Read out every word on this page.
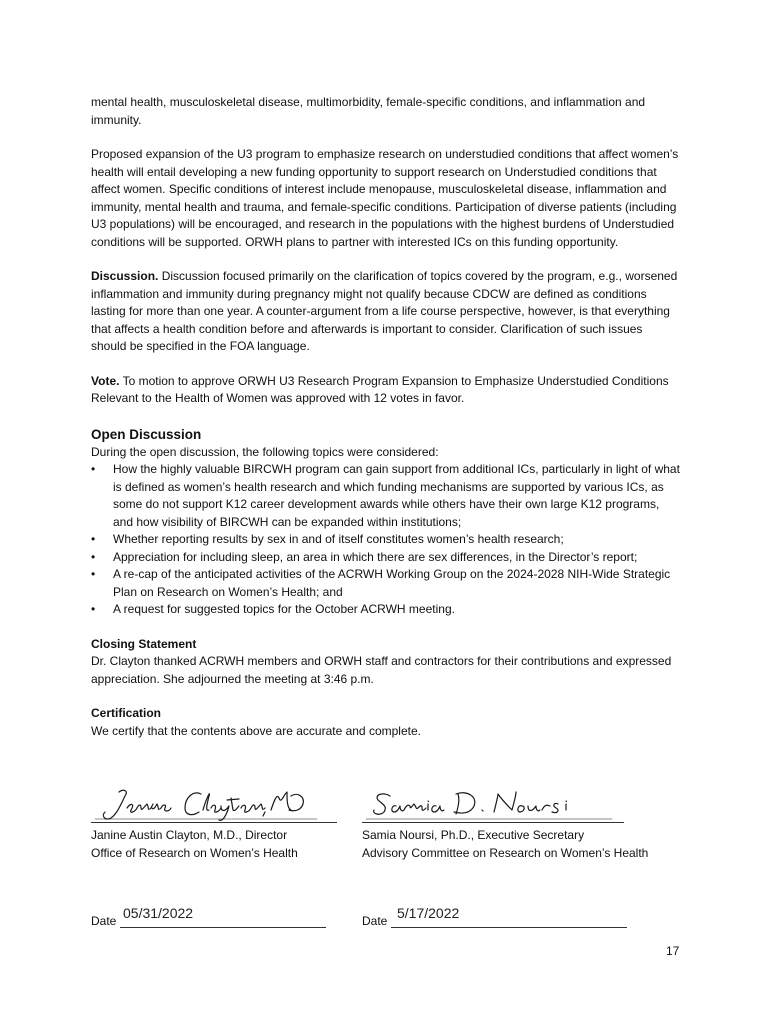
mental health, musculoskeletal disease, multimorbidity, female-specific conditions, and inflammation and immunity.

Proposed expansion of the U3 program to emphasize research on understudied conditions that affect women’s health will entail developing a new funding opportunity to support research on Understudied conditions that affect women. Specific conditions of interest include menopause, musculoskeletal disease, inflammation and immunity, mental health and trauma, and female-specific conditions. Participation of diverse patients (including U3 populations) will be encouraged, and research in the populations with the highest burdens of Understudied conditions will be supported. ORWH plans to partner with interested ICs on this funding opportunity.

Discussion. Discussion focused primarily on the clarification of topics covered by the program, e.g., worsened inflammation and immunity during pregnancy might not qualify because CDCW are defined as conditions lasting for more than one year. A counter-argument from a life course perspective, however, is that everything that affects a health condition before and afterwards is important to consider. Clarification of such issues should be specified in the FOA language.

Vote. To motion to approve ORWH U3 Research Program Expansion to Emphasize Understudied Conditions Relevant to the Health of Women was approved with 12 votes in favor.

Open Discussion

During the open discussion, the following topics were considered:

• How the highly valuable BIRCWH program can gain support from additional ICs, particularly in light of what is defined as women’s health research and which funding mechanisms are supported by various ICs, as some do not support K12 career development awards while others have their own large K12 programs, and how visibility of BIRCWH can be expanded within institutions;
• Whether reporting results by sex in and of itself constitutes women’s health research;
• Appreciation for including sleep, an area in which there are sex differences, in the Director’s report;
• A re-cap of the anticipated activities of the ACRWH Working Group on the 2024-2028 NIH-Wide Strategic Plan on Research on Women’s Health; and
• A request for suggested topics for the October ACRWH meeting.

Closing Statement

Dr. Clayton thanked ACRWH members and ORWH staff and contractors for their contributions and expressed appreciation. She adjourned the meeting at 3:46 p.m.

Certification

We certify that the contents above are accurate and complete.

Janine Austin Clayton, M.D., Director
Office of Research on Women’s Health
Samia Noursi, Ph.D., Executive Secretary
Advisory Committee on Research on Women’s Health
Date 05/31/2022	Date 5/17/2022
17
